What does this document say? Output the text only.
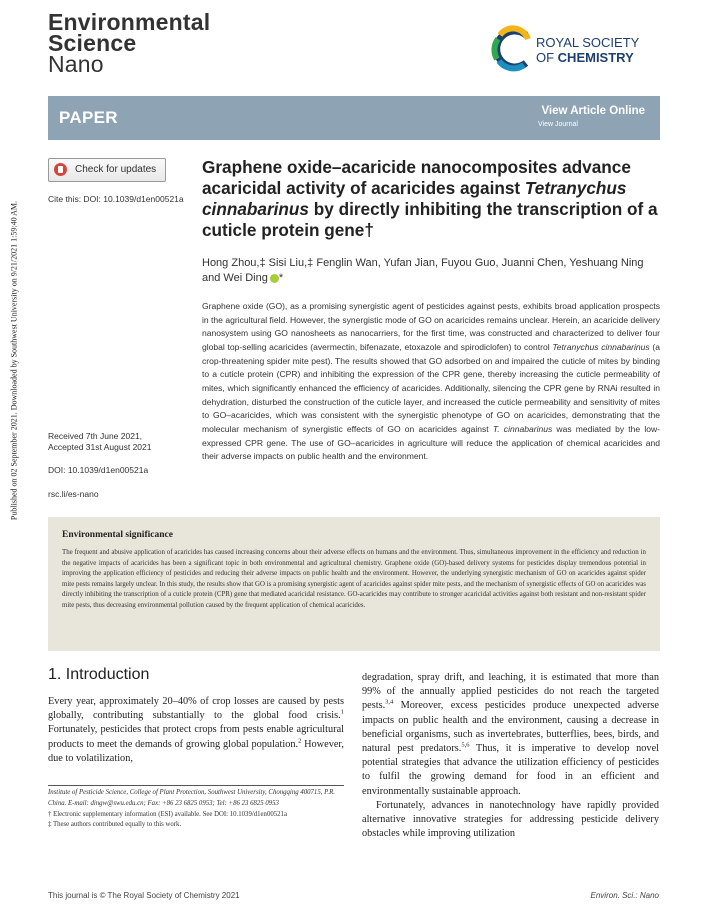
Published on 02 September 2021. Downloaded by Southwest University on 9/21/2021 1:59:40 AM.
Environmental
Science
Nano
ROYAL SOCIETY
OF CHEMISTRY
PAPER	View Article Online
View Journal
Check for updates
Cite this: DOI: 10.1039/d1en00521a
Received 7th June 2021,
Accepted 31st August 2021
DOI: 10.1039/d1en00521a
rsc.li/es-nano
Graphene oxide–acaricide nanocomposites advance acaricidal activity of acaricides against Tetranychus cinnabarinus by directly inhibiting the transcription of a cuticle protein gene†
Hong Zhou,‡ Sisi Liu,‡ Fenglin Wan, Yufan Jian, Fuyou Guo, Juanni Chen, Yeshuang Ning and Wei Ding *
Graphene oxide (GO), as a promising synergistic agent of pesticides against pests, exhibits broad application prospects in the agricultural field. However, the synergistic mode of GO on acaricides remains unclear. Herein, an acaricide delivery nanosystem using GO nanosheets as nanocarriers, for the first time, was constructed and characterized to deliver four global top-selling acaricides (avermectin, bifenazate, etoxazole and spirodiclofen) to control Tetranychus cinnabarinus (a crop-threatening spider mite pest). The results showed that GO adsorbed on and impaired the cuticle of mites by binding to a cuticle protein (CPR) and inhibiting the expression of the CPR gene, thereby increasing the cuticle permeability of mites, which significantly enhanced the efficiency of acaricides. Additionally, silencing the CPR gene by RNAi resulted in dehydration, disturbed the construction of the cuticle layer, and increased the cuticle permeability and sensitivity of mites to GO–acaricides, which was consistent with the synergistic phenotype of GO on acaricides, demonstrating that the molecular mechanism of synergistic effects of GO on acaricides against T. cinnabarinus was mediated by the low-expressed CPR gene. The use of GO–acaricides in agriculture will reduce the application of chemical acaricides and their adverse impacts on public health and the environment.
Environmental significance

The frequent and abusive application of acaricides has caused increasing concerns about their adverse effects on humans and the environment. Thus, simultaneous improvement in the efficiency and reduction in the negative impacts of acaricides has been a significant topic in both environmental and agricultural chemistry. Graphene oxide (GO)-based delivery systems for pesticides display tremendous potential in improving the application efficiency of pesticides and reducing their adverse impacts on public health and the environment. However, the underlying synergistic mechanism of GO on acaricides against spider mite pests remains largely unclear. In this study, the results show that GO is a promising synergistic agent of acaricides against spider mite pests, and the mechanism of synergistic effects of GO on acaricides was directly inhibiting the transcription of a cuticle protein (CPR) gene that mediated acaricidal resistance. GO-acaricides may contribute to stronger acaricidal activities against both resistant and non-resistant spider mite pests, thus decreasing environmental pollution caused by the frequent application of chemical acaricides.

1. Introduction
Every year, approximately 20–40% of crop losses are caused by pests globally, contributing substantially to the global food crisis.$^1$ Fortunately, pesticides that protect crops from pests enable agricultural products to meet the demands of growing global population.$^2$ However, due to volatilization,
Institute of Pesticide Science, College of Plant Protection, Southwest University, Chongqing 400715, P.R. China. E-mail: dingw@swu.edu.cn; Fax: +86 23 6825 0953; Tel: +86 23 6825 0953
† Electronic supplementary information (ESI) available. See DOI: 10.1039/d1en00521a
‡ These authors contributed equally to this work.

degradation, spray drift, and leaching, it is estimated that more than 99% of the annually applied pesticides do not reach the targeted pests.$^{3,4}$ Moreover, excess pesticides produce unexpected adverse impacts on public health and the environment, causing a decrease in beneficial organisms, such as invertebrates, butterflies, bees, birds, and natural pest predators.$^{5,6}$ Thus, it is imperative to develop novel potential strategies that advance the utilization efficiency of pesticides to fulfil the growing demand for food in an efficient and environmentally sustainable approach.

Fortunately, advances in nanotechnology have rapidly provided alternative innovative strategies for addressing pesticide delivery obstacles while improving utilization

This journal is © The Royal Society of Chemistry 2021	Environ. Sci.: Nano
